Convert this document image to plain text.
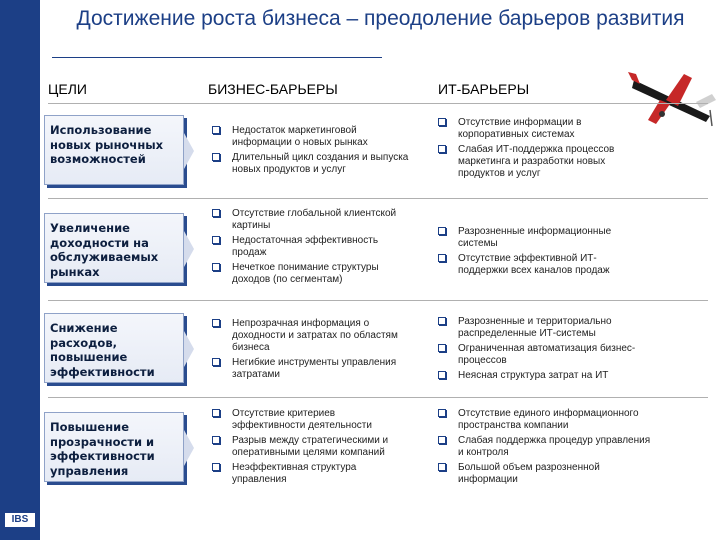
IBS
Достижение роста бизнеса – преодоление барьеров развития
ЦЕЛИ	БИЗНЕС-БАРЬЕРЫ	ИТ-БАРЬЕРЫ
Использование новых рыночных возможностей
Недостаток маркетинговой информации о новых рынках
Длительный цикл создания и выпуска новых продуктов и услуг
Отсутствие информации в корпоративных системах
Слабая ИТ-поддержка процессов маркетинга и разработки новых продуктов и услуг
Увеличение доходности на обслуживаемых рынках
Отсутствие глобальной клиентской картины
Недостаточная эффективность продаж
Нечеткое понимание структуры доходов (по сегментам)
Разрозненные информационные системы
Отсутствие эффективной ИТ-поддержки всех каналов продаж
Снижение расходов, повышение эффективности
Непрозрачная информация о доходности и затратах по областям бизнеса
Негибкие инструменты управления затратами
Разрозненные и территориально распределенные ИТ-системы
Ограниченная автоматизация бизнес-процессов
Неясная структура затрат на ИТ
Повышение прозрачности и эффективности управления
Отсутствие критериев эффективности деятельности
Разрыв между стратегическими и оперативными целями компаний
Неэффективная структура управления
Отсутствие единого информационного пространства компании
Слабая поддержка процедур управления и контроля
Большой объем разрозненной информации
